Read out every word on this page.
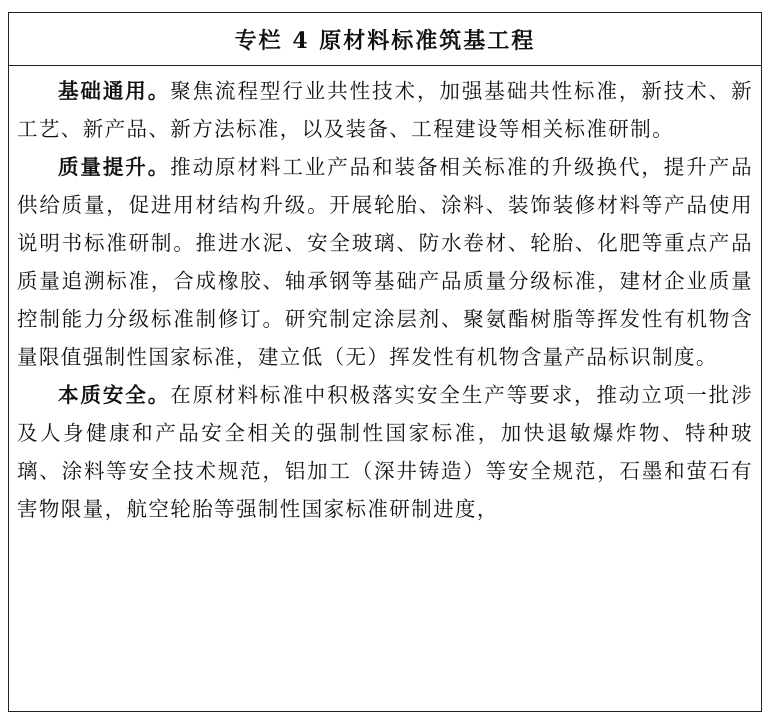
专栏 4 原材料标准筑基工程

基础通用。聚焦流程型行业共性技术，加强基础共性标准，新技术、新工艺、新产品、新方法标准，以及装备、工程建设等相关标准研制。

质量提升。推动原材料工业产品和装备相关标准的升级换代，提升产品供给质量，促进用材结构升级。开展轮胎、涂料、装饰装修材料等产品使用说明书标准研制。推进水泥、安全玻璃、防水卷材、轮胎、化肥等重点产品质量追溯标准，合成橡胶、轴承钢等基础产品质量分级标准，建材企业质量控制能力分级标准制修订。研究制定涂层剂、聚氨酯树脂等挥发性有机物含量限值强制性国家标准，建立低（无）挥发性有机物含量产品标识制度。

本质安全。在原材料标准中积极落实安全生产等要求，推动立项一批涉及人身健康和产品安全相关的强制性国家标准，加快退敏爆炸物、特种玻璃、涂料等安全技术规范，铝加工（深井铸造）等安全规范，石墨和萤石有害物限量，航空轮胎等强制性国家标准研制进度，
